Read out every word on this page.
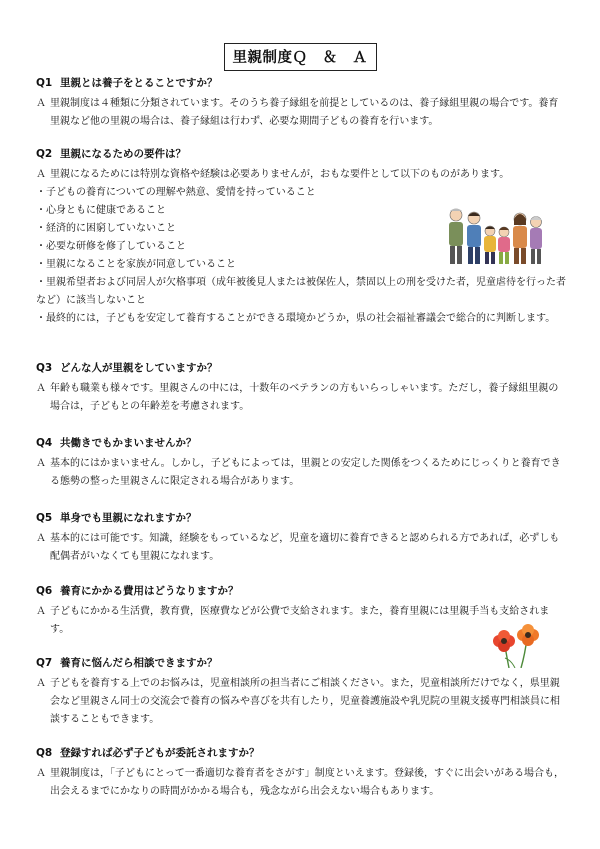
里親制度Ｑ　＆　Ａ
Q1 里親とは養子をとることですか？
Ａ 里親制度は４種類に分類されています。そのうち養子縁組を前提としているのは、養子縁組里親の場合です。養育里親など他の里親の場合は、養子縁組は行わず、必要な期間子どもの養育を行います。
Q2 里親になるための要件は？
Ａ 里親になるためには特別な資格や経験は必要ありませんが，おもな要件として以下のものがあります。
・子どもの養育についての理解や熱意、愛情を持っていること
・心身ともに健康であること
・経済的に困窮していないこと
・必要な研修を修了していること
・里親になることを家族が同意していること
・里親希望者および同居人が欠格事項（成年被後見人または被保佐人，禁固以上の刑を受けた者，児童虐待を行った者など）に該当しないこと
・最終的には，子どもを安定して養育することができる環境かどうか，県の社会福祉審議会で総合的に判断します。
Q3 どんな人が里親をしていますか？
Ａ 年齢も職業も様々です。里親さんの中には，十数年のベテランの方もいらっしゃいます。ただし，養子縁組里親の場合は，子どもとの年齢差を考慮されます。
Q4 共働きでもかまいませんか？
Ａ 基本的にはかまいません。しかし，子どもによっては，里親との安定した関係をつくるためにじっくりと養育できる態勢の整った里親さんに限定される場合があります。
Q5 単身でも里親になれますか？
Ａ 基本的には可能です。知識，経験をもっているなど，児童を適切に養育できると認められる方であれば，必ずしも配偶者がいなくても里親になれます。
Q6 養育にかかる費用はどうなりますか？
Ａ 子どもにかかる生活費，教育費，医療費などが公費で支給されます。また，養育里親には里親手当も支給されます。
Q7 養育に悩んだら相談できますか？
Ａ 子どもを養育する上でのお悩みは，児童相談所の担当者にご相談ください。また，児童相談所だけでなく，県里親会など里親さん同士の交流会で養育の悩みや喜びを共有したり，児童養護施設や乳児院の里親支援専門相談員に相談することもできます。
Q8 登録すれば必ず子どもが委託されますか？
Ａ 里親制度は，「子どもにとって一番適切な養育者をさがす」制度といえます。登録後，すぐに出会いがある場合も，出会えるまでにかなりの時間がかかる場合も，残念ながら出会えない場合もあります。
